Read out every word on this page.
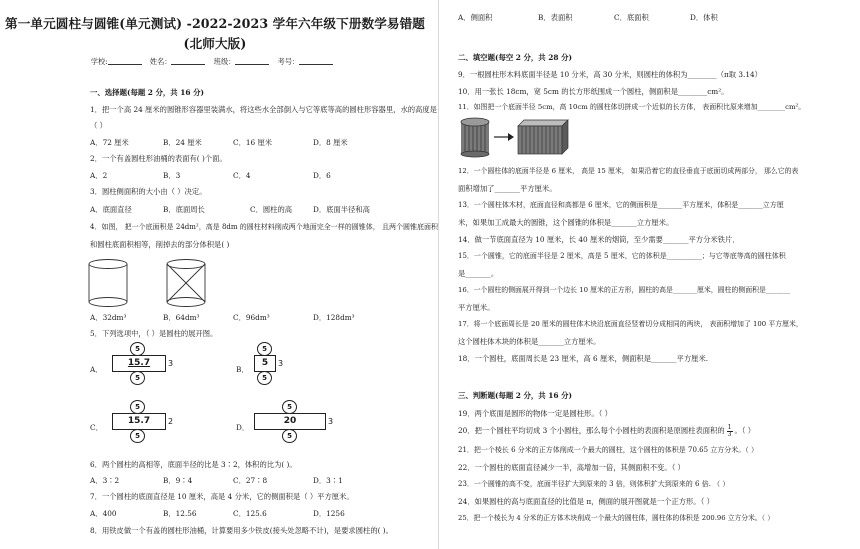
第一单元圆柱与圆锥(单元测试) -2022-2023 学年六年级下册数学易错题
(北师大版)
学校:	姓名：	班级：	考号：
一、选择题(每题 2 分，共 16 分)
1．把一个高 24 厘米的圆锥形容器里装满水，将这些水全部倒入与它等底等高的圆柱形容器里，水的高度是
（ ）
A．72 厘米	B．24 厘米	C．16 厘米	D．8 厘米
2．一个有盖圆柱形油桶的表面有( )个面。
A．2	B．3	C．4	D．6
3．圆柱侧面积的大小由（ ）决定。
A．底面直径	B．底面周长	C．圆柱的高	D．底面半径和高
4．如图， 把一个底面积是 24dm²，高是 8dm 的圆柱材料削成两个地面完全一样的圆锥体， 且两个圆锥底面积
和圆柱底面积相等，削掉去的部分体积是( )
A．32dm³	B．64dm³	C．96dm³	D．128dm³
5．下列选项中，（ ）是圆柱的展开图。
A．
5
15.7	3
5
B．
5
5	3
5
C．
5
15.7	2
5
D．
5
20	3
5
6．两个圆柱的高相等，底面半径的比是 3∶2，体积的比为( )。
A．3∶2	B．9∶4	C．27∶8	D．3∶1
7．一个圆柱的底面直径是 10 厘米，高是 4 分米，它的侧面积是（ ）平方厘米。
A．400	B．12.56	C．125.6	D．1256
8．用铁皮做一个有盖的圆柱形油桶，计算要用多少铁皮(接头处忽略不计)，是要求圆柱的( )。
A．侧面积	B．表面积	C．底面积	D．体积
二、填空题(每空 2 分，共 28 分)
9．一根圆柱形木料底面半径是 10 分米，高 30 分米，则圆柱的体积为________（π取 3.14）
10．用一张长 18cm，宽 5cm 的长方形纸围成一个圆柱，侧面积是________cm²。
11．如图把一个底面半径 5cm，高 10cm 的圆柱体切拼成一个近似的长方体， 表面积比原来增加________cm²。
12．一个圆柱体的底面半径是 6 厘米， 高是 15 厘米， 如果沿着它的直径垂直于底面切成两部分， 那么它的表
面积增加了_______平方厘米。
13．一个圆柱体木材，底面直径和高都是 6 厘米，它的侧面积是_______平方厘米，体积是_______立方厘
米，如果加工成最大的圆锥，这个圆锥的体积是_______立方厘米。
14．做一节底面直径为 10 厘米，长 40 厘米的烟筒，至少需要_______平方分米铁片．
15．一个圆锥，它的底面半径是 2 厘米，高是 5 厘米，它的体积是__________；与它等底等高的圆柱体积
是_______。
16．一个圆柱的侧面展开得到一个边长 10 厘米的正方形，圆柱的高是_______厘米，圆柱的侧面积是_______
平方厘米。
17．将一个底面周长是 20 厘米的圆柱体木块沿底面直径竖着切分成相同的两块， 表面积增加了 100 平方厘米，
这个圆柱体木块的体积是_______立方厘米。
18．一个圆柱，底面周长是 23 厘米，高 6 厘米，侧面积是_______平方厘米.
三、判断题(每题 2 分，共 16 分)
19．两个底面是圆形的物体一定是圆柱形。（ ）
20．把一个圆柱平均切成 3 个小圆柱，那么每个小圆柱的表面积是原圆柱表面积的 $\frac{1}{3}$ 。（ ）
21．把一个棱长 6 分米的正方体削成一个最大的圆柱，这个圆柱的体积是 70.65 立方分米。（ ）
22．一个圆柱的底面直径减少一半，高增加一倍，其侧面积不变。（ ）
23．一个圆锥的高不变，底面半径扩大到原来的 3 倍，则体积扩大到原来的 6 倍. （ ）
24．如果圆柱的高与底面直径的比值是 π，侧面的展开图就是一个正方形。（ ）
25．把一个棱长为 4 分米的正方体木块削成一个最大的圆柱体，圆柱体的体积是 200.96 立方分米。（ ）
